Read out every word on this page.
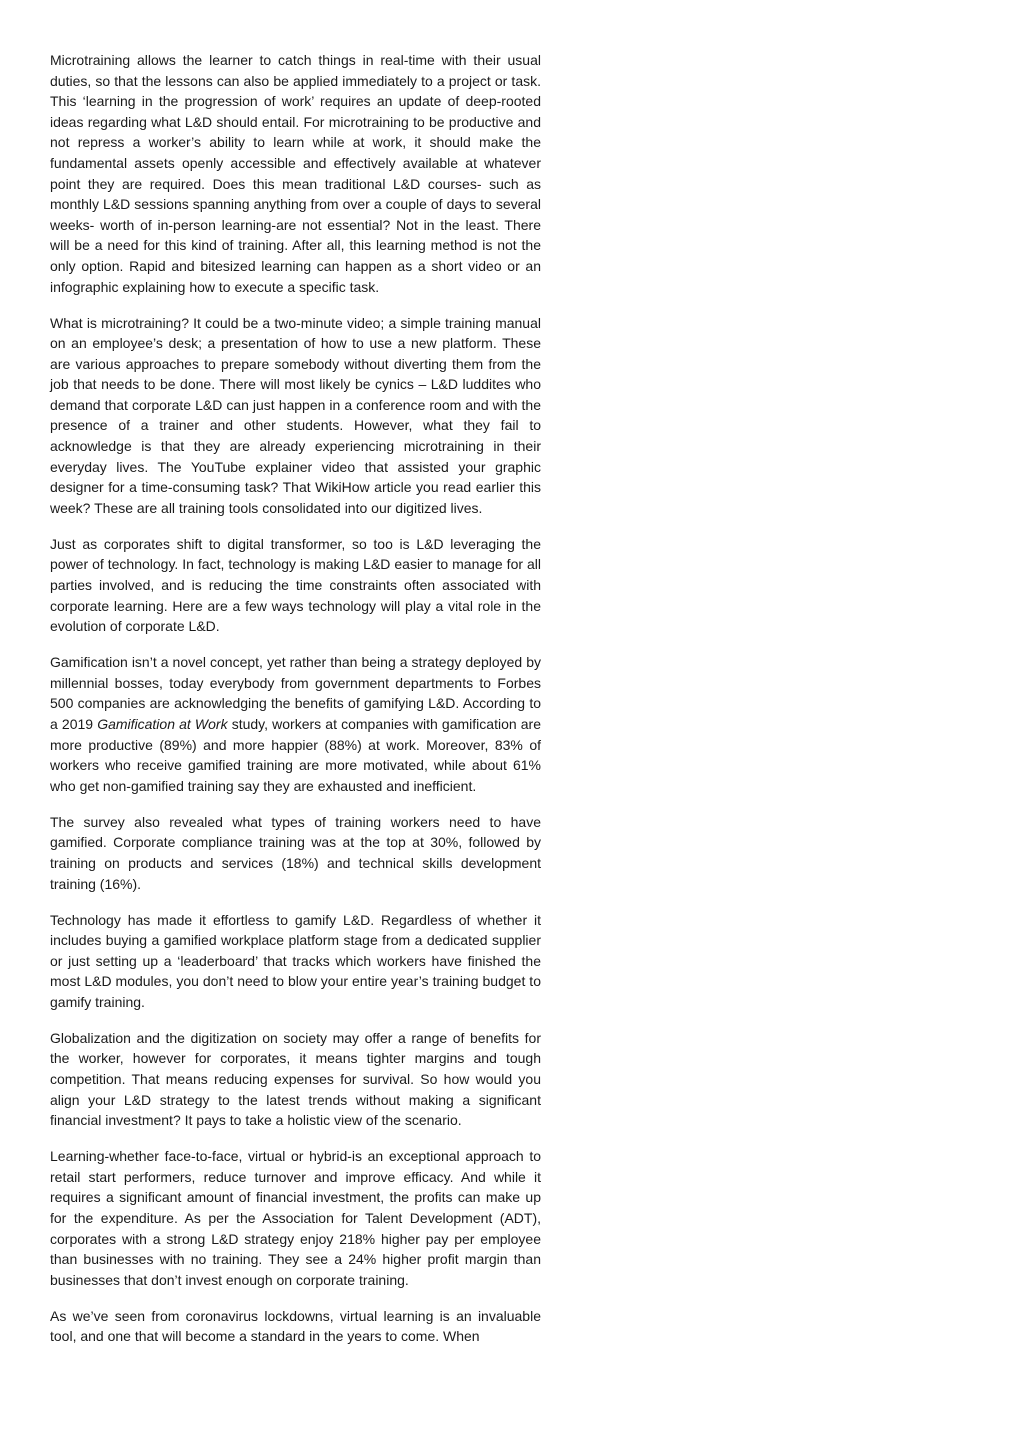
Microtraining allows the learner to catch things in real-time with their usual duties, so that the lessons can also be applied immediately to a project or task. This ‘learning in the progression of work’ requires an update of deep-rooted ideas regarding what L&D should entail. For microtraining to be productive and not repress a worker’s ability to learn while at work, it should make the fundamental assets openly accessible and effectively available at whatever point they are required. Does this mean traditional L&D courses- such as monthly L&D sessions spanning anything from over a couple of days to several weeks- worth of in-person learning-are not essential? Not in the least. There will be a need for this kind of training. After all, this learning method is not the only option. Rapid and bitesized learning can happen as a short video or an infographic explaining how to execute a specific task.

What is microtraining? It could be a two-minute video; a simple training manual on an employee’s desk; a presentation of how to use a new platform. These are various approaches to prepare somebody without diverting them from the job that needs to be done. There will most likely be cynics – L&D luddites who demand that corporate L&D can just happen in a conference room and with the presence of a trainer and other students. However, what they fail to acknowledge is that they are already experiencing microtraining in their everyday lives. The YouTube explainer video that assisted your graphic designer for a time-consuming task? That WikiHow article you read earlier this week? These are all training tools consolidated into our digitized lives.

Just as corporates shift to digital transformer, so too is L&D leveraging the power of technology. In fact, technology is making L&D easier to manage for all parties involved, and is reducing the time constraints often associated with corporate learning. Here are a few ways technology will play a vital role in the evolution of corporate L&D.

Gamification isn’t a novel concept, yet rather than being a strategy deployed by millennial bosses, today everybody from government departments to Forbes 500 companies are acknowledging the benefits of gamifying L&D. According to a 2019 Gamification at Work study, workers at companies with gamification are more productive (89%) and more happier (88%) at work. Moreover, 83% of workers who receive gamified training are more motivated, while about 61% who get non-gamified training say they are exhausted and inefficient.

The survey also revealed what types of training workers need to have gamified. Corporate compliance training was at the top at 30%, followed by training on products and services (18%) and technical skills development training (16%).

Technology has made it effortless to gamify L&D. Regardless of whether it includes buying a gamified workplace platform stage from a dedicated supplier or just setting up a ‘leaderboard’ that tracks which workers have finished the most L&D modules, you don’t need to blow your entire year’s training budget to gamify training.

Globalization and the digitization on society may offer a range of benefits for the worker, however for corporates, it means tighter margins and tough competition. That means reducing expenses for survival. So how would you align your L&D strategy to the latest trends without making a significant financial investment? It pays to take a holistic view of the scenario.

Learning-whether face-to-face, virtual or hybrid-is an exceptional approach to retail start performers, reduce turnover and improve efficacy. And while it requires a significant amount of financial investment, the profits can make up for the expenditure. As per the Association for Talent Development (ADT), corporates with a strong L&D strategy enjoy 218% higher pay per employee than businesses with no training. They see a 24% higher profit margin than businesses that don’t invest enough on corporate training.

As we’ve seen from coronavirus lockdowns, virtual learning is an invaluable tool, and one that will become a standard in the years to come. When
